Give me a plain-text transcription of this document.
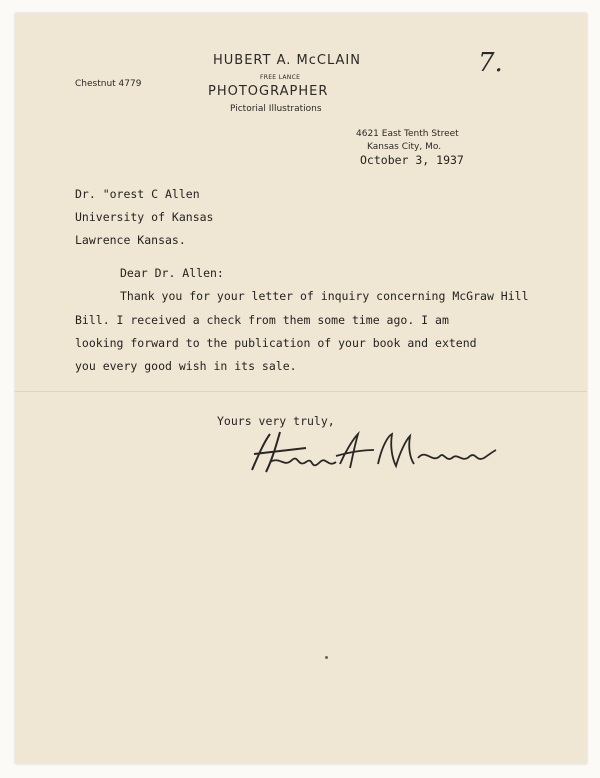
HUBERT A. McCLAIN
FREE LANCE
PHOTOGRAPHER
Pictorial Illustrations
Chestnut 4779
4621 East Tenth Street
Kansas City, Mo.
7.
October 3, 1937
Dr. "orest C Allen
University of Kansas
Lawrence Kansas.
Dear Dr. Allen:
Thank you for your letter of inquiry concerning McGraw Hill
Bill. I received a check from them some time ago. I am
looking forward to the publication of your book and extend
you every good wish in its sale.
Yours very truly,
